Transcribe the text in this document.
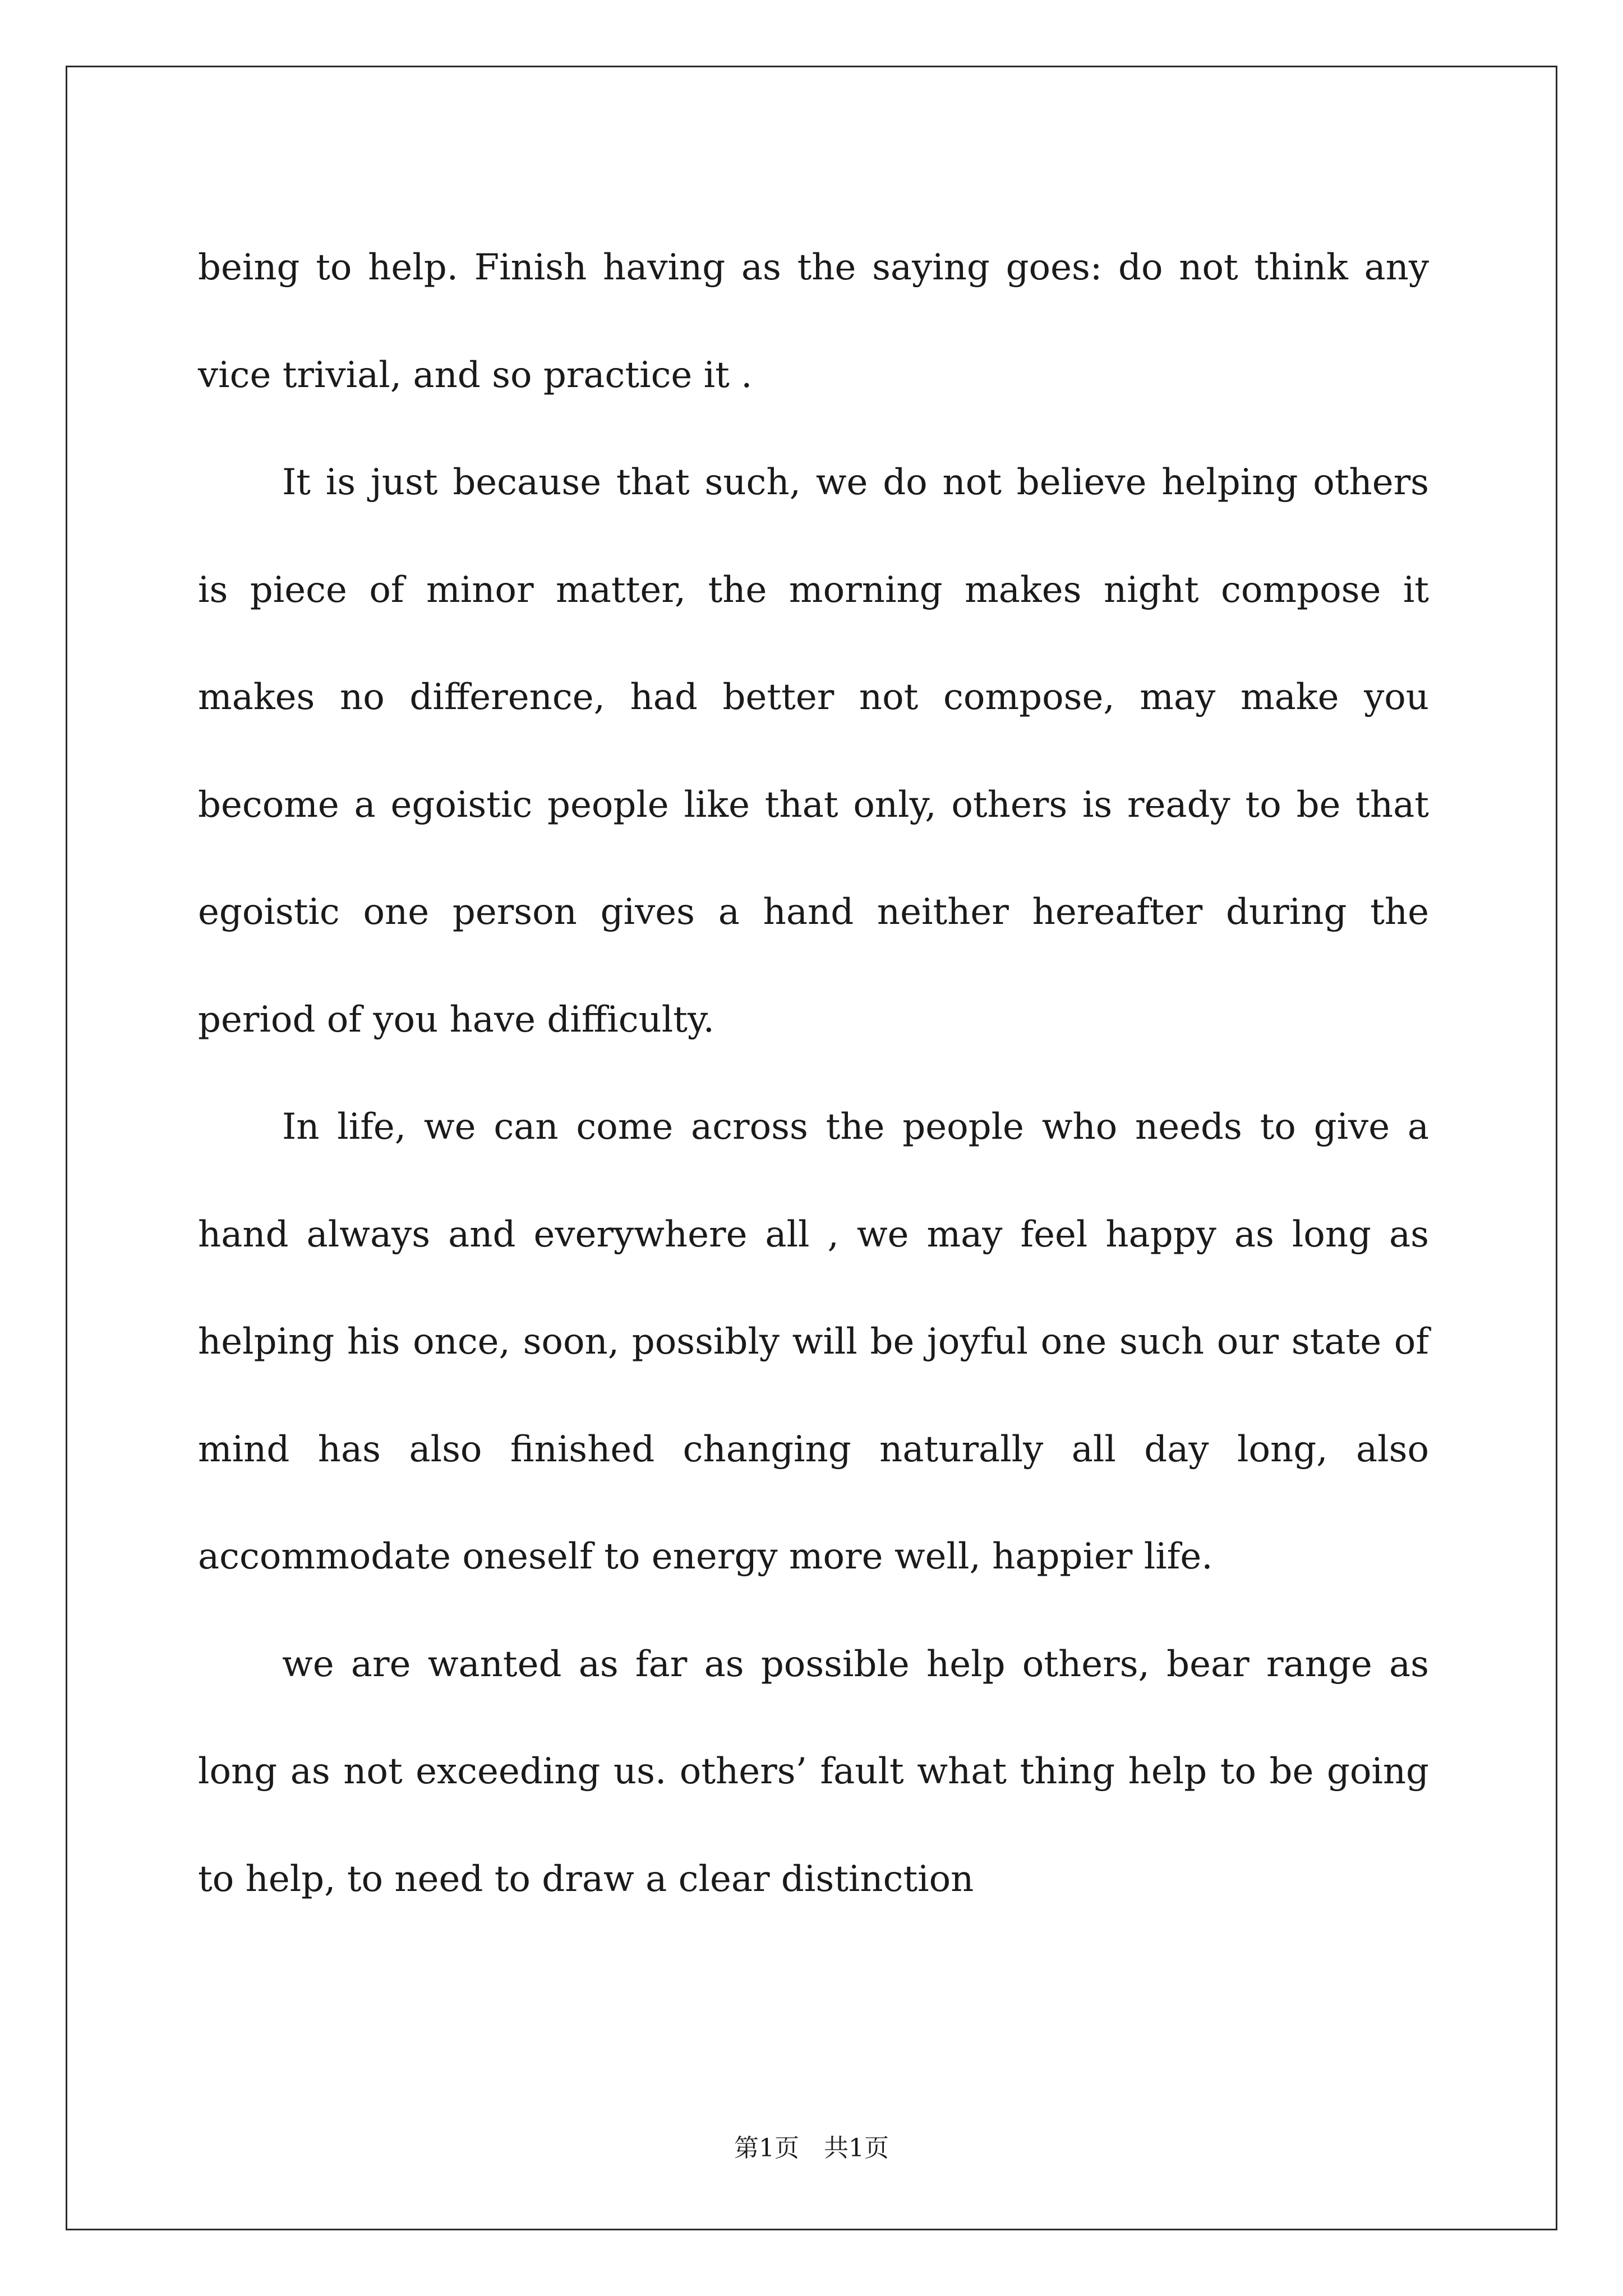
being to help. Finish having as the saying goes: do not think any vice trivial, and so practice it .

It is just because that such, we do not believe helping others is piece of minor matter, the morning makes night compose it makes no difference, had better not compose, may make you become a egoistic people like that only, others is ready to be that egoistic one person gives a hand neither hereafter during the period of you have difficulty.

In life, we can come across the people who needs to give a hand always and everywhere all , we may feel happy as long as helping his once, soon, possibly will be joyful one such our state of mind has also finished changing naturally all day long, also accommodate oneself to energy more well, happier life.

we are wanted as far as possible help others, bear range as long as not exceeding us. others’ fault what thing help to be going to help, to need to draw a clear distinction

第1页 共1页
